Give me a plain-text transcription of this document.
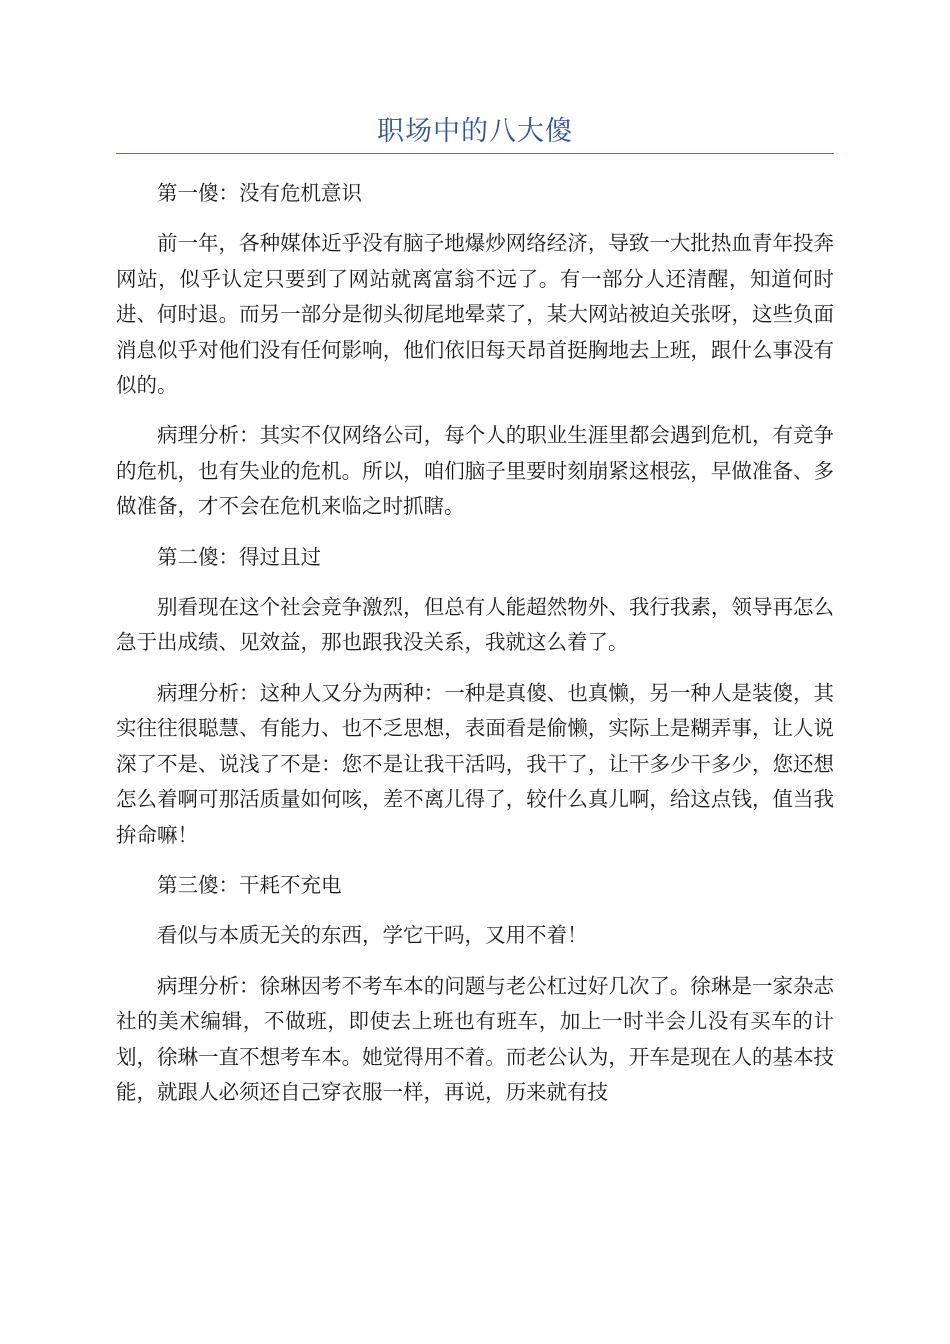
职场中的八大傻

第一傻：没有危机意识

前一年，各种媒体近乎没有脑子地爆炒网络经济，导致一大批热血青年投奔网站，似乎认定只要到了网站就离富翁不远了。有一部分人还清醒，知道何时进、何时退。而另一部分是彻头彻尾地晕菜了，某大网站被迫关张呀，这些负面消息似乎对他们没有任何影响，他们依旧每天昂首挺胸地去上班，跟什么事没有似的。

病理分析：其实不仅网络公司，每个人的职业生涯里都会遇到危机，有竞争的危机，也有失业的危机。所以，咱们脑子里要时刻崩紧这根弦，早做准备、多做准备，才不会在危机来临之时抓瞎。

第二傻：得过且过

别看现在这个社会竞争激烈，但总有人能超然物外、我行我素，领导再怎么急于出成绩、见效益，那也跟我没关系，我就这么着了。

病理分析：这种人又分为两种：一种是真傻、也真懒，另一种人是装傻，其实往往很聪慧、有能力、也不乏思想，表面看是偷懒，实际上是糊弄事，让人说深了不是、说浅了不是：您不是让我干活吗，我干了，让干多少干多少，您还想怎么着啊可那活质量如何咳，差不离儿得了，较什么真儿啊，给这点钱，值当我拚命嘛！

第三傻：干耗不充电

看似与本质无关的东西，学它干吗，又用不着！

病理分析：徐琳因考不考车本的问题与老公杠过好几次了。徐琳是一家杂志社的美术编辑，不做班，即使去上班也有班车，加上一时半会儿没有买车的计划，徐琳一直不想考车本。她觉得用不着。而老公认为，开车是现在人的基本技能，就跟人必须还自己穿衣服一样，再说，历来就有技
